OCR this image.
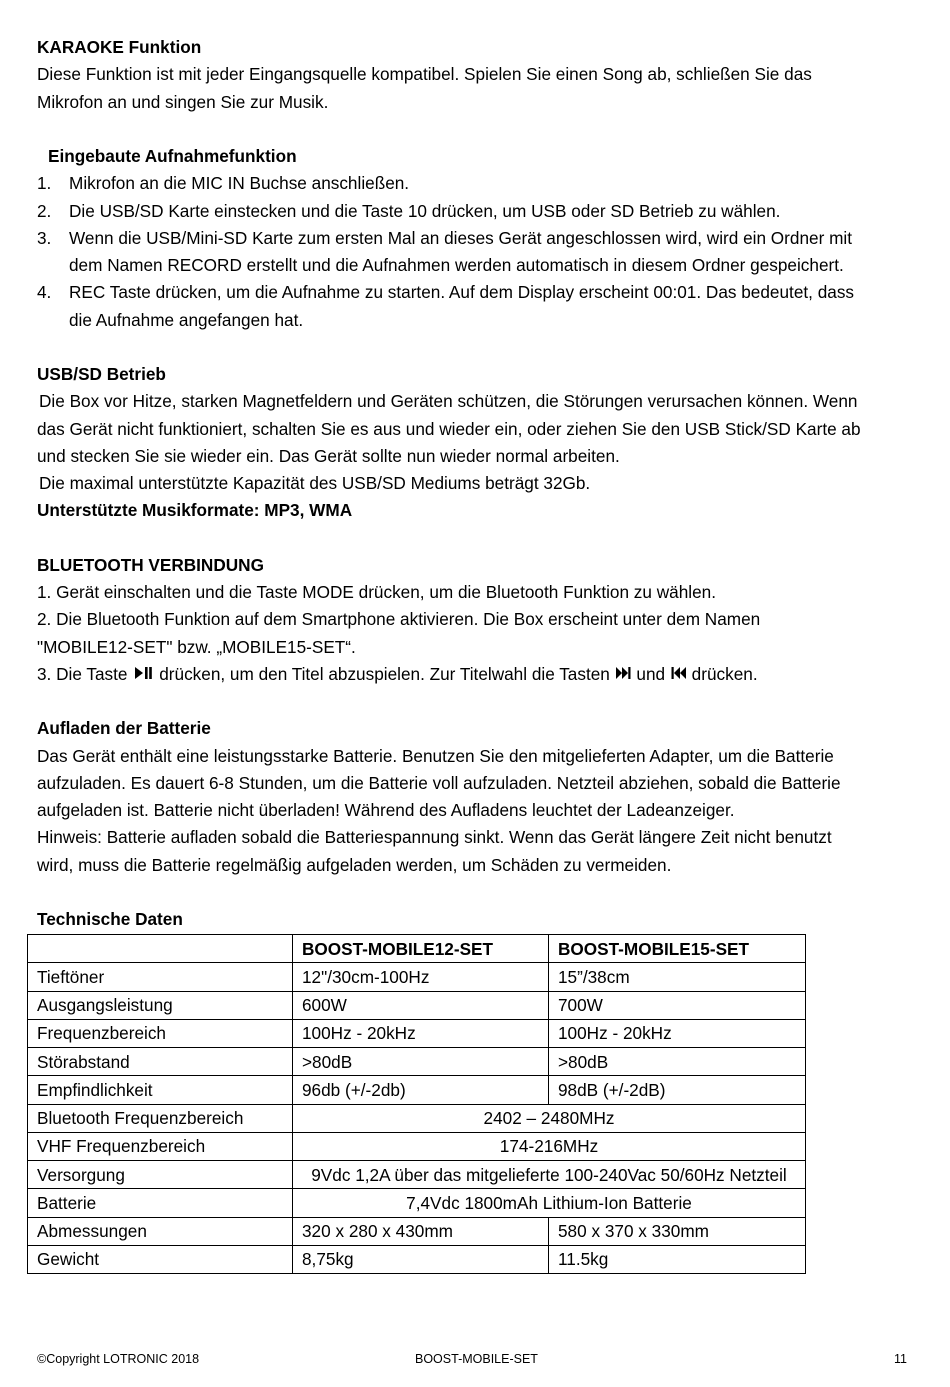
KARAOKE Funktion
Diese Funktion ist mit jeder Eingangsquelle kompatibel. Spielen Sie einen Song ab, schließen Sie das
Mikrofon an und singen Sie zur Musik.
Eingebaute Aufnahmefunktion
1.	Mikrofon an die MIC IN Buchse anschließen.
2.	Die USB/SD Karte einstecken und die Taste 10 drücken, um USB oder SD Betrieb zu wählen.
3.	Wenn die USB/Mini-SD Karte zum ersten Mal an dieses Gerät angeschlossen wird, wird ein Ordner mit
dem Namen RECORD erstellt und die Aufnahmen werden automatisch in diesem Ordner gespeichert.
4.	REC Taste drücken, um die Aufnahme zu starten. Auf dem Display erscheint 00:01. Das bedeutet, dass
die Aufnahme angefangen hat.
USB/SD Betrieb
Die Box vor Hitze, starken Magnetfeldern und Geräten schützen, die Störungen verursachen können. Wenn
das Gerät nicht funktioniert, schalten Sie es aus und wieder ein, oder ziehen Sie den USB Stick/SD Karte ab
und stecken Sie sie wieder ein. Das Gerät sollte nun wieder normal arbeiten.
Die maximal unterstützte Kapazität des USB/SD Mediums beträgt 32Gb.
Unterstützte Musikformate: MP3, WMA
BLUETOOTH VERBINDUNG
1. Gerät einschalten und die Taste MODE drücken, um die Bluetooth Funktion zu wählen.
2. Die Bluetooth Funktion auf dem Smartphone aktivieren. Die Box erscheint unter dem Namen
"MOBILE12-SET" bzw. „MOBILE15-SET“.
3. Die Taste drücken, um den Titel abzuspielen. Zur Titelwahl die Tasten und drücken.
Aufladen der Batterie
Das Gerät enthält eine leistungsstarke Batterie. Benutzen Sie den mitgelieferten Adapter, um die Batterie
aufzuladen. Es dauert 6-8 Stunden, um die Batterie voll aufzuladen. Netzteil abziehen, sobald die Batterie
aufgeladen ist. Batterie nicht überladen! Während des Aufladens leuchtet der Ladeanzeiger.
Hinweis: Batterie aufladen sobald die Batteriespannung sinkt. Wenn das Gerät längere Zeit nicht benutzt
wird, muss die Batterie regelmäßig aufgeladen werden, um Schäden zu vermeiden.
Technische Daten
	BOOST-MOBILE12-SET	BOOST-MOBILE15-SET
Tieftöner	12"/30cm-100Hz	15”/38cm
Ausgangsleistung	600W	700W
Frequenzbereich	100Hz - 20kHz	100Hz - 20kHz
Störabstand	>80dB	>80dB
Empfindlichkeit	96db (+/-2db)	98dB (+/-2dB)
Bluetooth Frequenzbereich	2402 – 2480MHz	
VHF Frequenzbereich	174-216MHz	
Versorgung	9Vdc 1,2A über das mitgelieferte 100-240Vac 50/60Hz Netzteil	
Batterie	7,4Vdc 1800mAh Lithium-Ion Batterie	
Abmessungen	320 x 280 x 430mm	580 x 370 x 330mm
Gewicht	8,75kg	11.5kg
©Copyright LOTRONIC 2018	BOOST-MOBILE-SET	11
